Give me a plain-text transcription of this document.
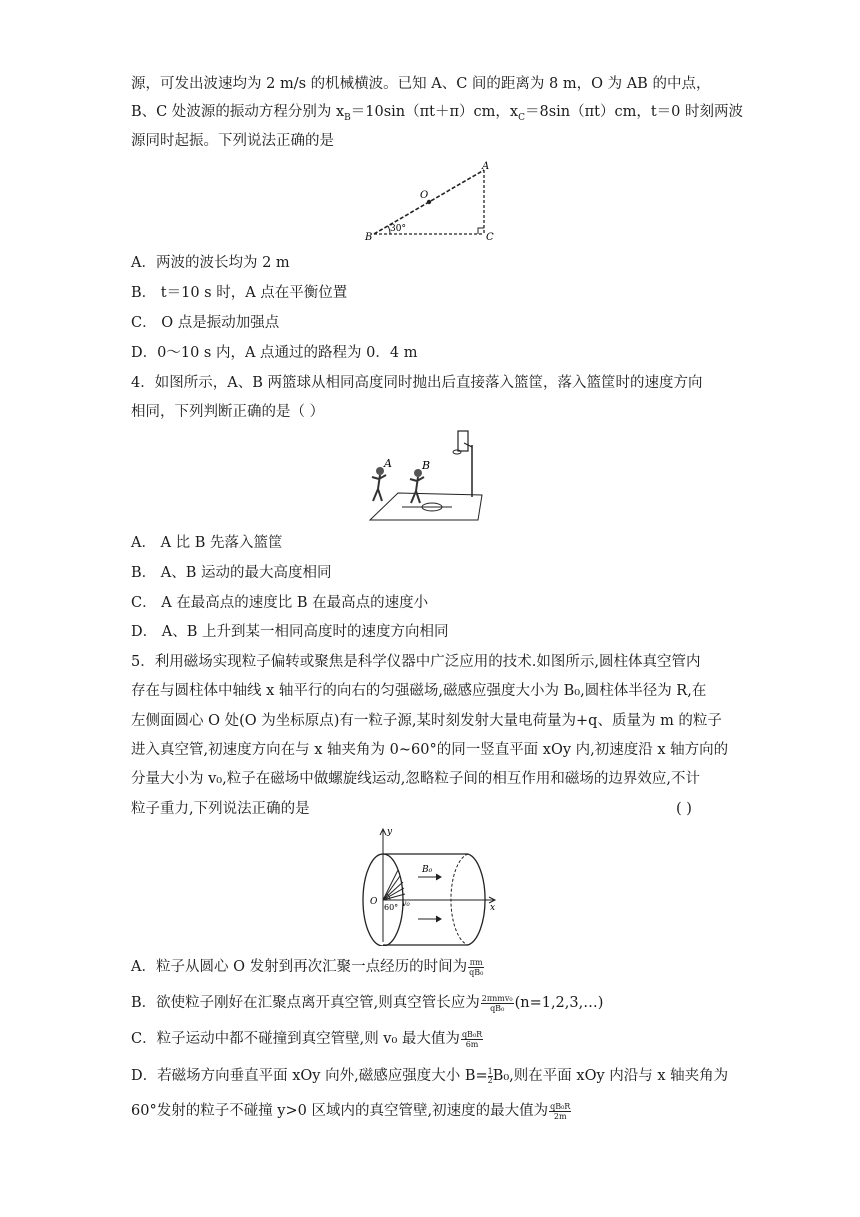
源，可发出波速均为 2 m/s 的机械横波。已知 A、C 间的距离为 8 m，O 为 AB 的中点，
B、C 处波源的振动方程分别为 $x_B=10\sin(\pi t+\pi)cm$，$x_C=8\sin(\pi t)cm$，t＝0 时刻两波
源同时起振。下列说法正确的是
A
O
B	C
30°
A．两波的波长均为 2 m
B． t＝10 s 时，A 点在平衡位置
C． O 点是振动加强点
D．0～10 s 内，A 点通过的路程为 0．4 m
4．如图所示，A、B 两篮球从相同高度同时抛出后直接落入篮筐，落入篮筐时的速度方向
相同，下列判断正确的是（ ）
A	B
A． A 比 B 先落入篮筐
B． A、B 运动的最大高度相同
C． A 在最高点的速度比 B 在最高点的速度小
D． A、B 上升到某一相同高度时的速度方向相同
5．利用磁场实现粒子偏转或聚焦是科学仪器中广泛应用的技术.如图所示,圆柱体真空管内
存在与圆柱体中轴线 x 轴平行的向右的匀强磁场,磁感应强度大小为 B₀,圆柱体半径为 R,在
左侧面圆心 O 处(O 为坐标原点)有一粒子源,某时刻发射大量电荷量为+q、质量为 m 的粒子
进入真空管,初速度方向在与 x 轴夹角为 0~60°的同一竖直平面 xOy 内,初速度沿 x 轴方向的
分量大小为 v₀,粒子在磁场中做螺旋线运动,忽略粒子间的相互作用和磁场的边界效应,不计
粒子重力,下列说法正确的是	( )
y
x
O
B₀
v₀
60°
A．粒子从圆心 O 发射到再次汇聚一点经历的时间为 $\frac{\pi m}{\text{qB₀}}$
B．欲使粒子刚好在汇聚点离开真空管,则真空管长应为 $\frac{\text{2πnmv₀}}{\text{qB₀}}$ (n=1,2,3,…)
C．粒子运动中都不碰撞到真空管壁,则 v₀ 最大值为 $\frac{\text{qB₀R}}{6m}$
D．若磁场方向垂直平面 xOy 向外,磁感应强度大小 $B= \frac{1}{2}B_0$,则在平面 xOy 内沿与 x 轴夹角为
60°发射的粒子不碰撞 y>0 区域内的真空管壁,初速度的最大值为 $\frac{\text{qB₀R}}{2m}$
